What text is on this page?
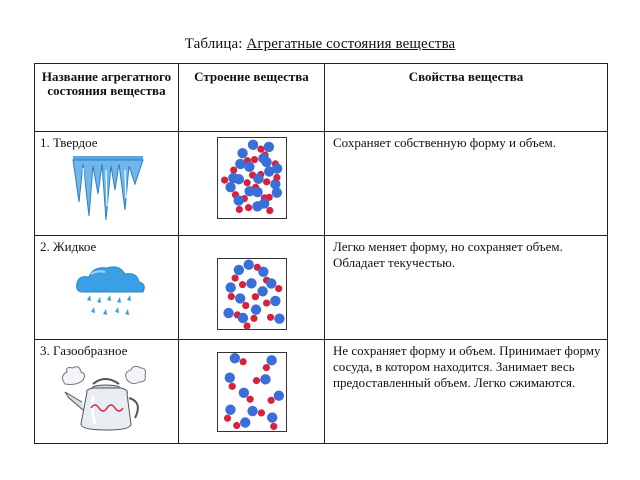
Таблица: Агрегатные состояния вещества
Название агрегатного состояния вещества	Строение вещества	Свойства вещества

1. Твердое		Сохраняет собственную форму и объем.

2. Жидкое		Легко меняет форму, но сохраняет объем. Обладает текучестью.

3. Газообразное		Не сохраняет форму и объем. Принимает форму сосуда, в котором находится. Занимает весь предоставленный объем. Легко сжимаются.
